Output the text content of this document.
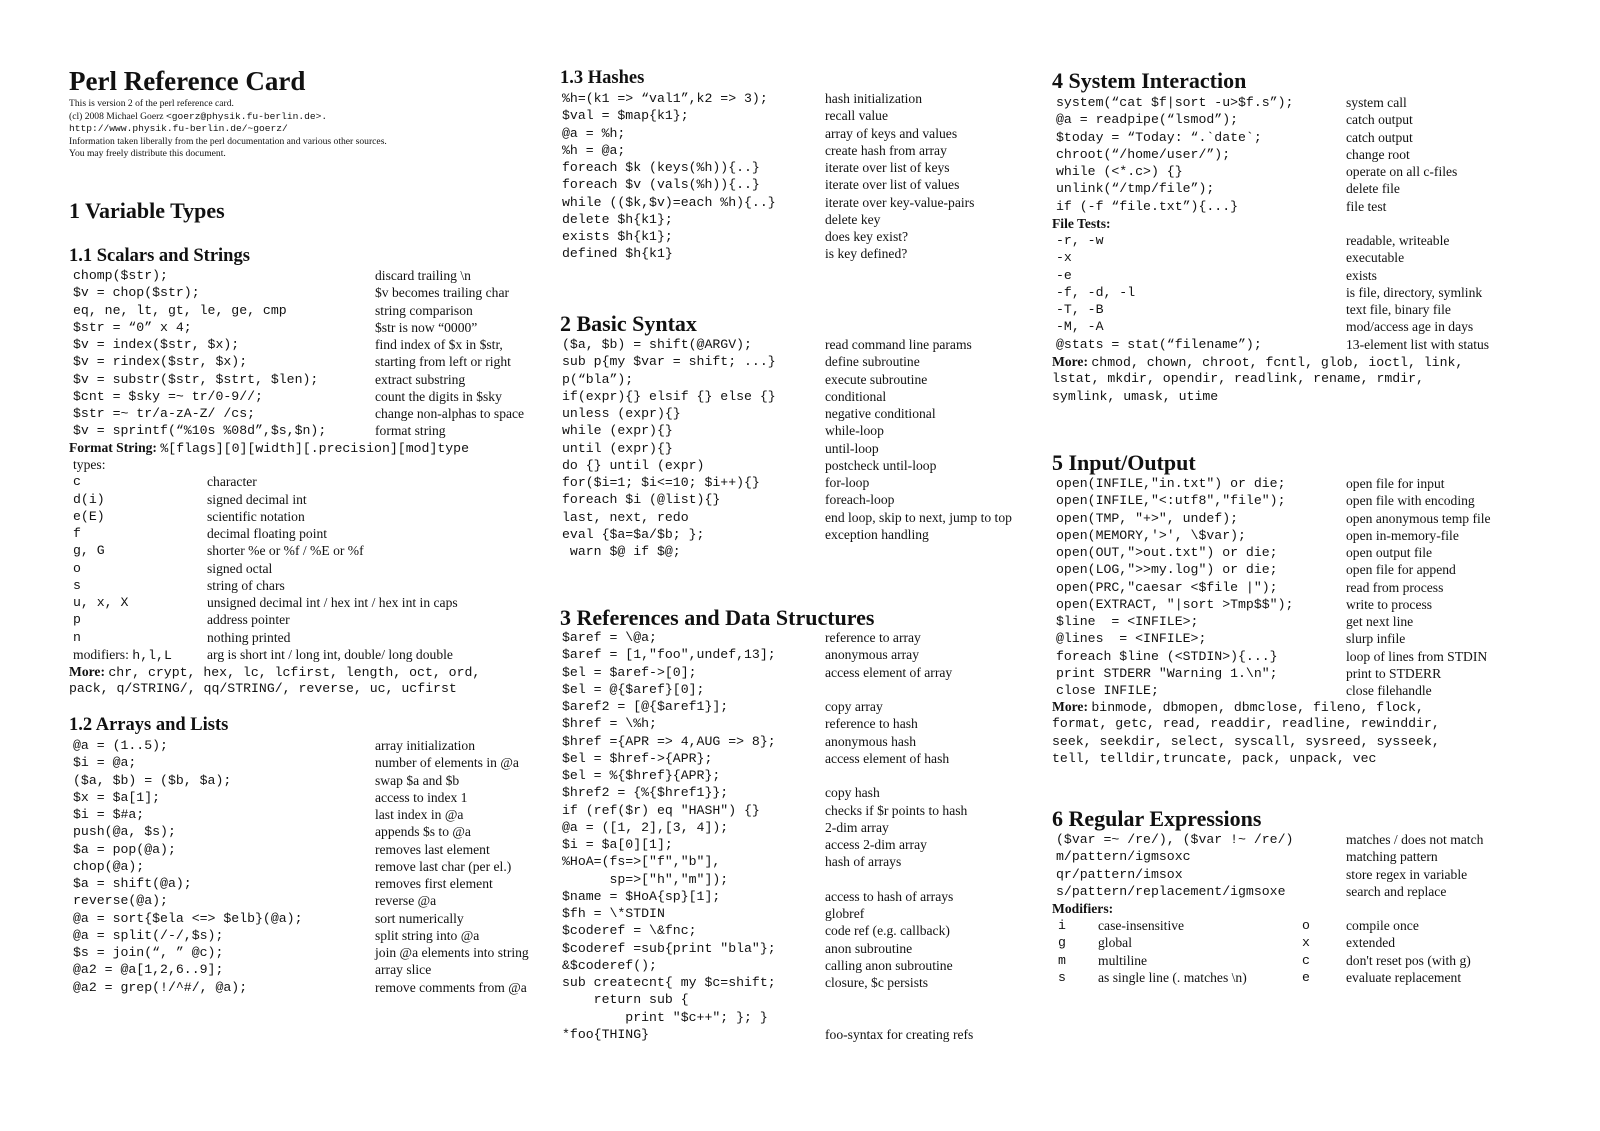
Perl Reference Card
This is version 2 of the perl reference card.
(cl) 2008 Michael Goerz <goerz@physik.fu-berlin.de>.
http://www.physik.fu-berlin.de/~goerz/
Information taken liberally from the perl documentation and various other sources.
You may freely distribute this document.
1 Variable Types
1.1 Scalars and Strings
chomp($str);	discard trailing \n
$v = chop($str);	$v becomes trailing char
eq, ne, lt, gt, le, ge, cmp	string comparison
$str = “0” x 4;	$str is now “0000”
$v = index($str, $x);	find index of $x in $str,
$v = rindex($str, $x);	starting from left or right
$v = substr($str, $strt, $len);	extract substring
$cnt = $sky =~ tr/0-9//;	count the digits in $sky
$str =~ tr/a-zA-Z/ /cs;	change non-alphas to space
$v = sprintf(“%10s %08d”,$s,$n);	format string
Format String: %[flags][0][width][.precision][mod]type
types:
c	character
d(i)	signed decimal int
e(E)	scientific notation
f	decimal floating point
g, G	shorter %e or %f / %E or %f
o	signed octal
s	string of chars
u, x, X	unsigned decimal int / hex int / hex int in caps
p	address pointer
n	nothing printed
modifiers: h,l,L	arg is short int / long int, double/ long double
More: chr, crypt, hex, lc, lcfirst, length, oct, ord,
pack, q/STRING/, qq/STRING/, reverse, uc, ucfirst
1.2 Arrays and Lists
@a = (1..5);	array initialization
$i = @a;	number of elements in @a
($a, $b) = ($b, $a);	swap $a and $b
$x = $a[1];	access to index 1
$i = $#a;	last index in @a
push(@a, $s);	appends $s to @a
$a = pop(@a);	removes last element
chop(@a);	remove last char (per el.)
$a = shift(@a);	removes first element
reverse(@a);	reverse @a
@a = sort{$ela <=> $elb}(@a);	sort numerically
@a = split(/-/,$s);	split string into @a
$s = join(“, ” @c);	join @a elements into string
@a2 = @a[1,2,6..9];	array slice
@a2 = grep(!/^#/, @a);	remove comments from @a
1.3 Hashes
%h=(k1 => “val1”,k2 => 3);	hash initialization
$val = $map{k1};	recall value
@a = %h;	array of keys and values
%h = @a;	create hash from array
foreach $k (keys(%h)){..}	iterate over list of keys
foreach $v (vals(%h)){..}	iterate over list of values
while (($k,$v)=each %h){..}	iterate over key-value-pairs
delete $h{k1};	delete key
exists $h{k1};	does key exist?
defined $h{k1}	is key defined?
2 Basic Syntax
($a, $b) = shift(@ARGV);	read command line params
sub p{my $var = shift; ...}	define subroutine
p(“bla”);	execute subroutine
if(expr){} elsif {} else {}	conditional
unless (expr){}	negative conditional
while (expr){}	while-loop
until (expr){}	until-loop
do {} until (expr)	postcheck until-loop
for($i=1; $i<=10; $i++){}	for-loop
foreach $i (@list){}	foreach-loop
last, next, redo	end loop, skip to next, jump to top
eval {$a=$a/$b; };	exception handling
warn $@ if $@;
3 References and Data Structures
$aref = \@a;	reference to array
$aref = [1,"foo",undef,13];	anonymous array
$el = $aref->[0];	access element of array
$el = @{$aref}[0];
$aref2 = [@{$aref1}];	copy array
$href = \%h;	reference to hash
$href ={APR => 4,AUG => 8};	anonymous hash
$el = $href->{APR};	access element of hash
$el = %{$href}{APR};
$href2 = {%{$href1}};	copy hash
if (ref($r) eq "HASH") {}	checks if $r points to hash
@a = ([1, 2],[3, 4]);	2-dim array
$i = $a[0][1];	access 2-dim array
%HoA=(fs=>["f","b"],	hash of arrays
sp=>["h","m"]);
$name = $HoA{sp}[1];	access to hash of arrays
$fh = \*STDIN	globref
$coderef = \&fnc;	code ref (e.g. callback)
$coderef =sub{print "bla"};	anon subroutine
&$coderef();	calling anon subroutine
sub createcnt{ my $c=shift;	closure, $c persists
return sub {
print "$c++"; }; }
*foo{THING}	foo-syntax for creating refs
4 System Interaction
system(“cat $f|sort -u>$f.s”);	system call
@a = readpipe(“lsmod”);	catch output
$today = “Today: “.`date`;	catch output
chroot(“/home/user/”);	change root
while (<*.c>) {}	operate on all c-files
unlink(“/tmp/file”);	delete file
if (-f “file.txt”){...}	file test
File Tests:
-r, -w	readable, writeable
-x	executable
-e	exists
-f, -d, -l	is file, directory, symlink
-T, -B	text file, binary file
-M, -A	mod/access age in days
@stats = stat(“filename”);	13-element list with status
More: chmod, chown, chroot, fcntl, glob, ioctl, link,
lstat, mkdir, opendir, readlink, rename, rmdir,
symlink, umask, utime
5 Input/Output
open(INFILE,"in.txt") or die;	open file for input
open(INFILE,"<:utf8","file");	open file with encoding
open(TMP, "+>", undef);	open anonymous temp file
open(MEMORY,'>', \$var);	open in-memory-file
open(OUT,">out.txt") or die;	open output file
open(LOG,">>my.log") or die;	open file for append
open(PRC,"caesar <$file |");	read from process
open(EXTRACT, "|sort >Tmp$$");	write to process
$line  = <INFILE>;	get next line
@lines  = <INFILE>;	slurp infile
foreach $line (<STDIN>){...}	loop of lines from STDIN
print STDERR "Warning 1.\n";	print to STDERR
close INFILE;	close filehandle
More: binmode, dbmopen, dbmclose, fileno, flock,
format, getc, read, readdir, readline, rewinddir,
seek, seekdir, select, syscall, sysreed, sysseek,
tell, telldir,truncate, pack, unpack, vec
6 Regular Expressions
($var =~ /re/), ($var !~ /re/)	matches / does not match
m/pattern/igmsoxc	matching pattern
qr/pattern/imsox	store regex in variable
s/pattern/replacement/igmsoxe	search and replace
Modifiers:
i case-insensitive	o	compile once
g global	x	extended
m multiline	c	don't reset pos (with g)
s as single line (. matches \n)	e	evaluate replacement
